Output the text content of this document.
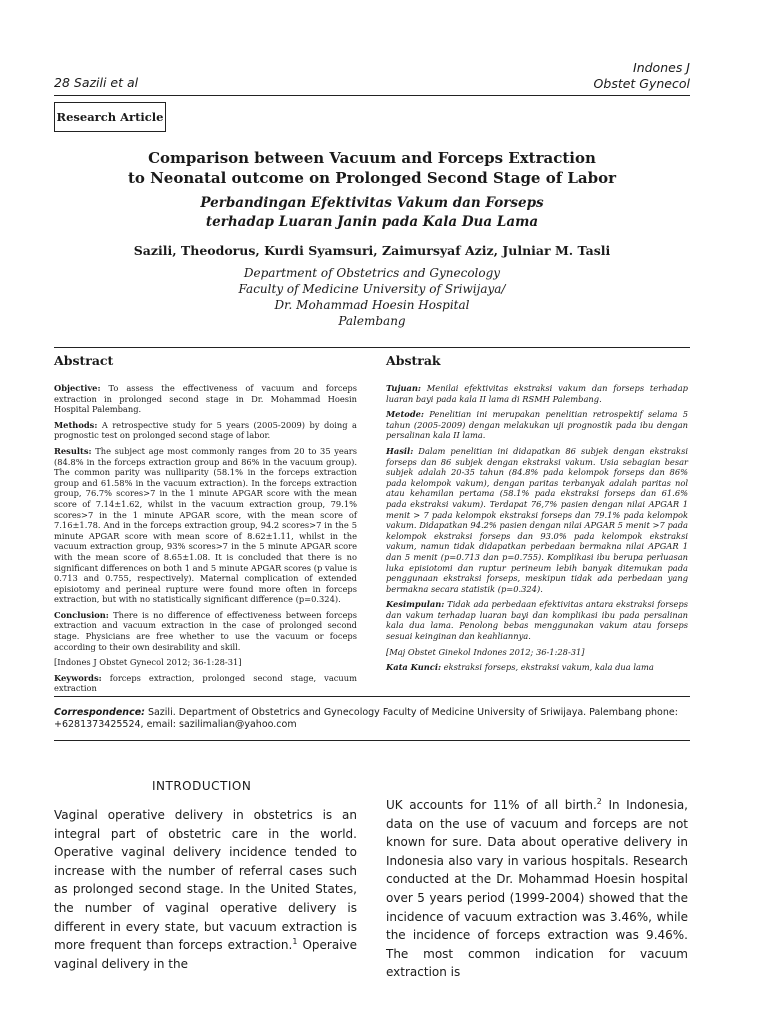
28 Sazili et al
Indones J
Obstet Gynecol
Research Article
Comparison between Vacuum and Forceps Extraction
to Neonatal outcome on Prolonged Second Stage of Labor
Perbandingan Efektivitas Vakum dan Forseps
terhadap Luaran Janin pada Kala Dua Lama
Sazili, Theodorus, Kurdi Syamsuri, Zaimursyaf Aziz, Julniar M. Tasli
Department of Obstetrics and Gynecology
Faculty of Medicine University of Sriwijaya/
Dr. Mohammad Hoesin Hospital
Palembang
Abstract

Objective: To assess the effectiveness of vacuum and forceps extraction in prolonged second stage in Dr. Mohammad Hoesin Hospital Palembang.

Methods: A retrospective study for 5 years (2005-2009) by doing a prognostic test on prolonged second stage of labor.

Results: The subject age most commonly ranges from 20 to 35 years (84.8% in the forceps extraction group and 86% in the vacuum group). The common parity was nulliparity (58.1% in the forceps extraction group and 61.58% in the vacuum extraction). In the forceps extraction group, 76.7% scores>7 in the 1 minute APGAR score with the mean score of 7.14±1.62, whilst in the vacuum extraction group, 79.1% scores>7 in the 1 minute APGAR score, with the mean score of 7.16±1.78. And in the forceps extraction group, 94.2 scores>7 in the 5 minute APGAR score with mean score of 8.62±1.11, whilst in the vacuum extraction group, 93% scores>7 in the 5 minute APGAR score with the mean score of 8.65±1.08. It is concluded that there is no significant differences on both 1 and 5 minute APGAR scores (p value is 0.713 and 0.755, respectively). Maternal complication of extended episiotomy and perineal rupture were found more often in forceps extraction, but with no statistically significant difference (p=0.324).

Conclusion: There is no difference of effectiveness between forceps extraction and vacuum extraction in the case of prolonged second stage. Physicians are free whether to use the vacuum or foceps according to their own desirability and skill.

[Indones J Obstet Gynecol 2012; 36-1:28-31]

Keywords: forceps extraction, prolonged second stage, vacuum extraction

Abstrak

Tujuan: Menilai efektivitas ekstraksi vakum dan forseps terhadap luaran bayi pada kala II lama di RSMH Palembang.

Metode: Penelitian ini merupakan penelitian retrospektif selama 5 tahun (2005-2009) dengan melakukan uji prognostik pada ibu dengan persalinan kala II lama.

Hasil: Dalam penelitian ini didapatkan 86 subjek dengan ekstraksi forseps dan 86 subjek dengan ekstraksi vakum. Usia sebagian besar subjek adalah 20-35 tahun (84.8% pada kelompok forseps dan 86% pada kelompok vakum), dengan paritas terbanyak adalah paritas nol atau kehamilan pertama (58.1% pada ekstraksi forseps dan 61.6% pada ekstraksi vakum). Terdapat 76,7% pasien dengan nilai APGAR 1 menit > 7 pada kelompok ekstraksi forseps dan 79.1% pada kelompok vakum. Didapatkan 94.2% pasien dengan nilai APGAR 5 menit >7 pada kelompok ekstraksi forseps dan 93.0% pada kelompok ekstraksi vakum, namun tidak didapatkan perbedaan bermakna nilai APGAR 1 dan 5 menit (p=0.713 dan p=0.755). Komplikasi ibu berupa perluasan luka episiotomi dan ruptur perineum lebih banyak ditemukan pada penggunaan ekstraksi forseps, meskipun tidak ada perbedaan yang bermakna secara statistik (p=0.324).

Kesimpulan: Tidak ada perbedaan efektivitas antara ekstraksi forseps dan vakum terhadap luaran bayi dan komplikasi ibu pada persalinan kala dua lama. Penolong bebas menggunakan vakum atau forseps sesuai keinginan dan keahliannya.

[Maj Obstet Ginekol Indones 2012; 36-1:28-31]

Kata Kunci: ekstraksi forseps, ekstraksi vakum, kala dua lama

Correspondence: Sazili. Department of Obstetrics and Gynecology Faculty of Medicine University of Sriwijaya. Palembang phone: +6281373425524, email: sazilimalian@yahoo.com
INTRODUCTION
Vaginal operative delivery in obstetrics is an integral part of obstetric care in the world. Operative vaginal delivery incidence tended to increase with the number of referral cases such as prolonged second stage. In the United States, the number of vaginal operative delivery is different in every state, but vacuum extraction is more frequent than forceps extraction.$^1$ Operaive vaginal delivery in the
UK accounts for 11% of all birth.$^2$ In Indonesia, data on the use of vacuum and forceps are not known for sure. Data about operative delivery in Indonesia also vary in various hospitals. Research conducted at the Dr. Mohammad Hoesin hospital over 5 years period (1999-2004) showed that the incidence of vacuum extraction was 3.46%, while the incidence of forceps extraction was 9.46%. The most common indication for vacuum extraction is
